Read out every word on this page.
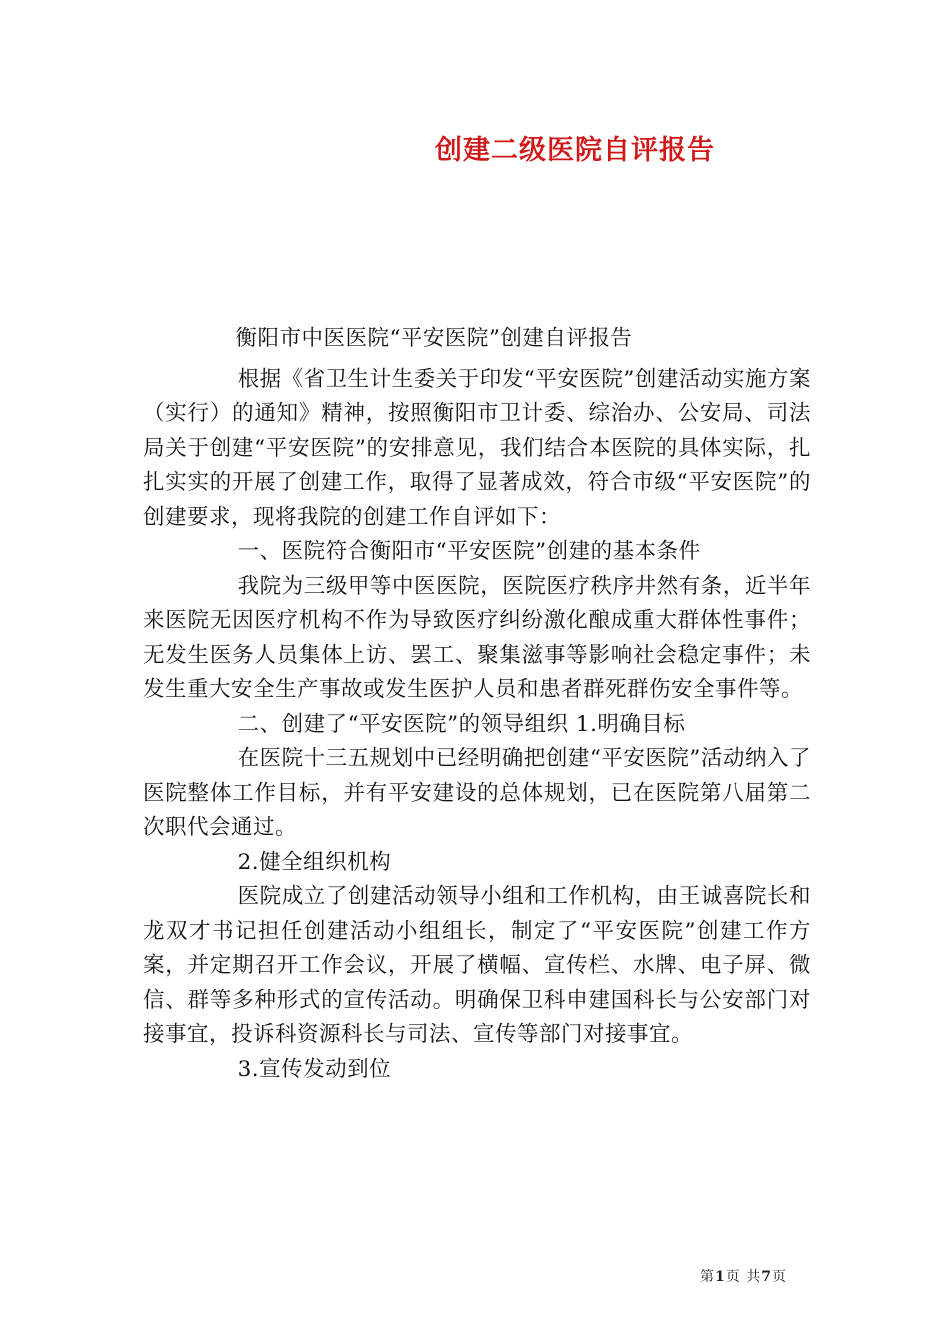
创建二级医院自评报告

衡阳市中医医院“平安医院”创建自评报告

根据《省卫生计生委关于印发“平安医院”创建活动实施方案（实行）的通知》精神，按照衡阳市卫计委、综治办、公安局、司法局关于创建“平安医院”的安排意见，我们结合本医院的具体实际，扎扎实实的开展了创建工作，取得了显著成效，符合市级“平安医院”的创建要求，现将我院的创建工作自评如下：

一、医院符合衡阳市“平安医院”创建的基本条件

我院为三级甲等中医医院，医院医疗秩序井然有条，近半年来医院无因医疗机构不作为导致医疗纠纷激化酿成重大群体性事件；无发生医务人员集体上访、罢工、聚集滋事等影响社会稳定事件；未发生重大安全生产事故或发生医护人员和患者群死群伤安全事件等。

二、创建了“平安医院”的领导组织 1.明确目标

在医院十三五规划中已经明确把创建“平安医院”活动纳入了医院整体工作目标，并有平安建设的总体规划，已在医院第八届第二次职代会通过。

2.健全组织机构

医院成立了创建活动领导小组和工作机构，由王诚喜院长和龙双才书记担任创建活动小组组长，制定了“平安医院”创建工作方案，并定期召开工作会议，开展了横幅、宣传栏、水牌、电子屏、微信、群等多种形式的宣传活动。明确保卫科申建国科长与公安部门对接事宜，投诉科资源科长与司法、宣传等部门对接事宜。

3.宣传发动到位

第1页 共7页
